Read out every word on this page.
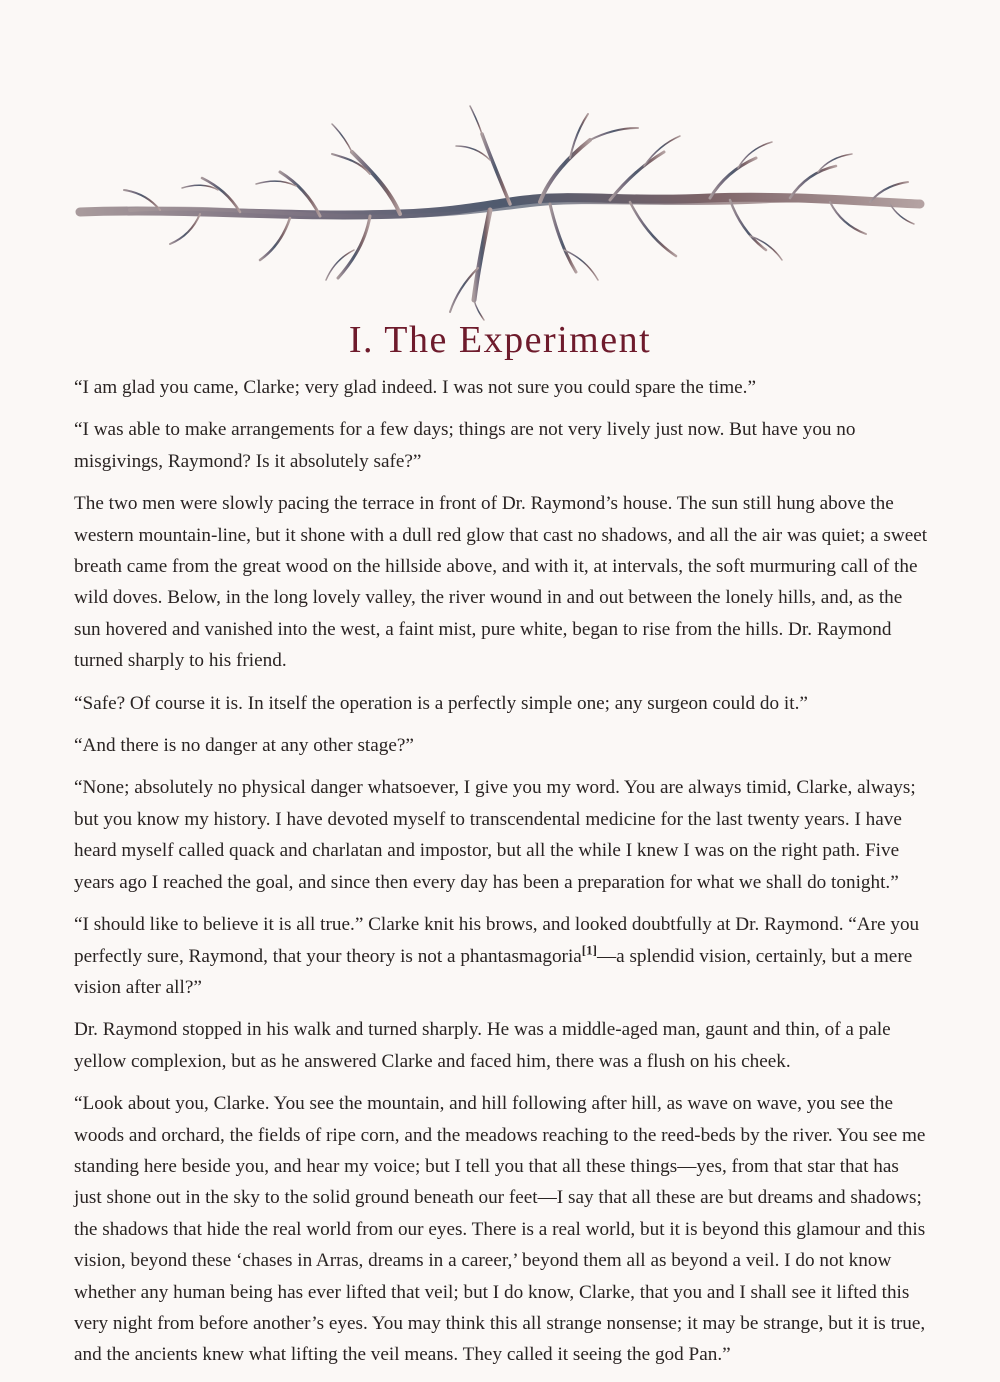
I. The Experiment

“I am glad you came, Clarke; very glad indeed. I was not sure you could spare the time.”

“I was able to make arrangements for a few days; things are not very lively just now. But have you no misgivings, Raymond? Is it absolutely safe?”

The two men were slowly pacing the terrace in front of Dr. Raymond’s house. The sun still hung above the western mountain-line, but it shone with a dull red glow that cast no shadows, and all the air was quiet; a sweet breath came from the great wood on the hillside above, and with it, at intervals, the soft murmuring call of the wild doves. Below, in the long lovely valley, the river wound in and out between the lonely hills, and, as the sun hovered and vanished into the west, a faint mist, pure white, began to rise from the hills. Dr. Raymond turned sharply to his friend.

“Safe? Of course it is. In itself the operation is a perfectly simple one; any surgeon could do it.”

“And there is no danger at any other stage?”

“None; absolutely no physical danger whatsoever, I give you my word. You are always timid, Clarke, always; but you know my history. I have devoted myself to transcendental medicine for the last twenty years. I have heard myself called quack and charlatan and impostor, but all the while I knew I was on the right path. Five years ago I reached the goal, and since then every day has been a preparation for what we shall do tonight.”

“I should like to believe it is all true.” Clarke knit his brows, and looked doubtfully at Dr. Raymond. “Are you perfectly sure, Raymond, that your theory is not a phantasmagoria[1]—a splendid vision, certainly, but a mere vision after all?”

Dr. Raymond stopped in his walk and turned sharply. He was a middle-aged man, gaunt and thin, of a pale yellow complexion, but as he answered Clarke and faced him, there was a flush on his cheek.

“Look about you, Clarke. You see the mountain, and hill following after hill, as wave on wave, you see the woods and orchard, the fields of ripe corn, and the meadows reaching to the reed-beds by the river. You see me standing here beside you, and hear my voice; but I tell you that all these things—yes, from that star that has just shone out in the sky to the solid ground beneath our feet—I say that all these are but dreams and shadows; the shadows that hide the real world from our eyes. There is a real world, but it is beyond this glamour and this vision, beyond these ‘chases in Arras, dreams in a career,’ beyond them all as beyond a veil. I do not know whether any human being has ever lifted that veil; but I do know, Clarke, that you and I shall see it lifted this very night from before another’s eyes. You may think this all strange nonsense; it may be strange, but it is true, and the ancients knew what lifting the veil means. They called it seeing the god Pan.”
